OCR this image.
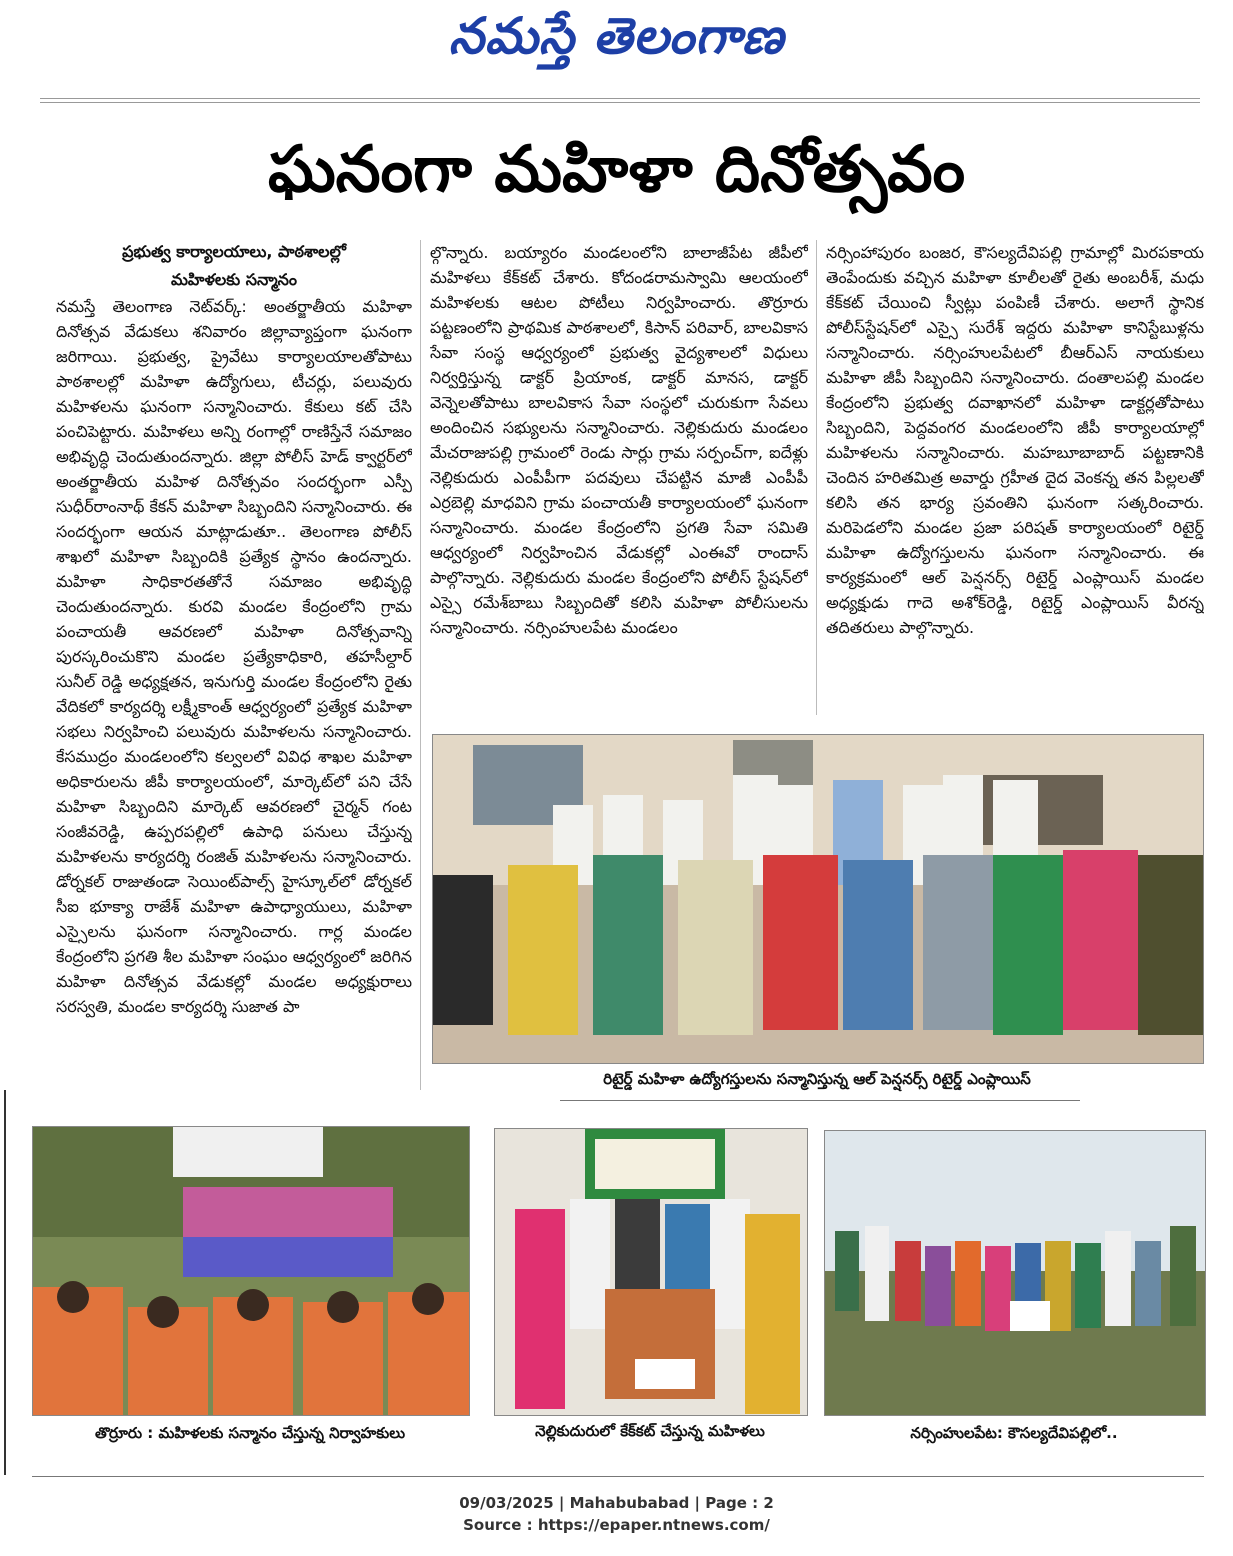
నమస్తే తెలంగాణ
ఘనంగా మహిళా దినోత్సవం
ప్రభుత్వ కార్యాలయాలు, పాఠశాలల్లో
మహిళలకు సన్మానం

నమస్తే తెలంగాణ నెట్‌వర్క్: అంతర్జాతీయ మహిళా దినోత్సవ వేడుకలు శనివారం జిల్లావ్యాప్తంగా ఘనంగా జరిగాయి. ప్రభుత్వ, ప్రైవేటు కార్యాలయాలతోపాటు పాఠశాలల్లో మహిళా ఉద్యోగులు, టీచర్లు, పలువురు మహిళలను ఘనంగా సన్మానించారు. కేకులు కట్ చేసి పంచిపెట్టారు. మహిళలు అన్ని రంగాల్లో రాణిస్తేనే సమాజం అభివృద్ధి చెందుతుందన్నారు. జిల్లా పోలీస్ హెడ్ క్వార్టర్‌లో అంతర్జాతీయ మహిళ దినోత్సవం సందర్భంగా ఎస్పీ సుధీర్‌రాంనాథ్ కేకన్ మహిళా సిబ్బందిని సన్మానించారు. ఈ సందర్భంగా ఆయన మాట్లాడుతూ.. తెలంగాణ పోలీస్ శాఖలో మహిళా సిబ్బందికి ప్రత్యేక స్థానం ఉందన్నారు. మహిళా సాధికారతతోనే సమాజం అభివృద్ధి చెందుతుందన్నారు. కురవి మండల కేంద్రంలోని గ్రామ పంచాయతీ ఆవరణలో మహిళా దినోత్సవాన్ని పురస్కరించుకొని మండల ప్రత్యేకాధికారి, తహసీల్దార్ సునీల్ రెడ్డి అధ్యక్షతన, ఇనుగుర్తి మండల కేంద్రంలోని రైతు వేదికలో కార్యదర్శి లక్ష్మీకాంత్ ఆధ్వర్యంలో ప్రత్యేక మహిళా సభలు నిర్వహించి పలువురు మహిళలను సన్మానించారు. కేసముద్రం మండలంలోని కల్వలలో వివిధ శాఖల మహిళా అధికారులను జీపీ కార్యాలయంలో, మార్కెట్‌లో పని చేసే మహిళా సిబ్బందిని మార్కెట్ ఆవరణలో చైర్మన్ గంట సంజీవరెడ్డి, ఉప్పరపల్లిలో ఉపాధి పనులు చేస్తున్న మహిళలను కార్యదర్శి రంజిత్ మహిళలను సన్మానించారు. డోర్నకల్ రాజుతండా సెయింట్‌పాల్స్ హైస్కూల్‌లో డోర్నకల్ సీఐ భూక్యా రాజేశ్ మహిళా ఉపాధ్యాయులు, మహిళా ఎస్సైలను ఘనంగా సన్మానించారు. గార్ల మండల కేంద్రంలోని ప్రగతి శీల మహిళా సంఘం ఆధ్వర్యంలో జరిగిన మహిళా దినోత్సవ వేడుకల్లో మండల అధ్యక్షురాలు సరస్వతి, మండల కార్యదర్శి సుజాత పా

ల్గొన్నారు. బయ్యారం మండలంలోని బాలాజీపేట జీపీలో మహిళలు కేక్‌కట్ చేశారు. కోదండరామస్వామి ఆలయంలో మహిళలకు ఆటల పోటీలు నిర్వహించారు. తొర్రూరు పట్టణంలోని ప్రాథమిక పాఠశాలలో, కిసాన్ పరివార్, బాలవికాస సేవా సంస్థ ఆధ్వర్యంలో ప్రభుత్వ వైద్యశాలలో విధులు నిర్వర్తిస్తున్న డాక్టర్ ప్రియాంక, డాక్టర్ మానస, డాక్టర్ వెన్నెలతోపాటు బాలవికాస సేవా సంస్థలో చురుకుగా సేవలు అందించిన సభ్యులను సన్మానించారు. నెల్లికుదురు మండలం మేచరాజుపల్లి గ్రామంలో రెండు సార్లు గ్రామ సర్పంచ్‌గా, ఐదేళ్లు నెల్లికుదురు ఎంపీపీగా పదవులు చేపట్టిన మాజీ ఎంపీపీ ఎర్రబెల్లి మాధవిని గ్రామ పంచాయతీ కార్యాలయంలో ఘనంగా సన్మానించారు. మండల కేంద్రంలోని ప్రగతి సేవా సమితి ఆధ్వర్యంలో నిర్వహించిన వేడుకల్లో ఎంఈవో రాందాస్ పాల్గొన్నారు. నెల్లికుదురు మండల కేంద్రంలోని పోలీస్ స్టేషన్‌లో ఎస్సై రమేశ్‌బాబు సిబ్బందితో కలిసి మహిళా పోలీసులను సన్మానించారు. నర్సింహులపేట మండలం

నర్సింహాపురం బంజర, కౌసల్యదేవిపల్లి గ్రామాల్లో మిరపకాయ తెంపేందుకు వచ్చిన మహిళా కూలీలతో రైతు అంబరీశ్, మధు కేక్‌కట్ చేయించి స్వీట్లు పంపిణీ చేశారు. అలాగే స్థానిక పోలీస్‌స్టేషన్‌లో ఎస్సై సురేశ్ ఇద్దరు మహిళా కానిస్టేబుళ్లను సన్మానించారు. నర్సింహులపేటలో బీఆర్‌ఎస్ నాయకులు మహిళా జీపీ సిబ్బందిని సన్మానించారు. దంతాలపల్లి మండల కేంద్రంలోని ప్రభుత్వ దవాఖానలో మహిళా డాక్టర్లతోపాటు సిబ్బందిని, పెద్దవంగర మండలంలోని జీపీ కార్యాలయాల్లో మహిళలను సన్మానించారు. మహబూబాబాద్ పట్టణానికి చెందిన హరితమిత్ర అవార్డు గ్రహీత దైద వెంకన్న తన పిల్లలతో కలిసి తన భార్య స్రవంతిని ఘనంగా సత్కరించారు. మరిపెడలోని మండల ప్రజా పరిషత్ కార్యాలయంలో రిటైర్డ్ మహిళా ఉద్యోగస్తులను ఘనంగా సన్మానించారు. ఈ కార్యక్రమంలో ఆల్ పెన్షనర్స్ రిటైర్డ్ ఎంప్లాయిస్ మండల అధ్యక్షుడు గాదె అశోక్‌రెడ్డి, రిటైర్డ్ ఎంప్లాయిస్ వీరన్న తదితరులు పాల్గొన్నారు.

రిటైర్డ్ మహిళా ఉద్యోగస్తులను సన్మానిస్తున్న ఆల్ పెన్షనర్స్ రిటైర్డ్ ఎంప్లాయిస్
తొర్రూరు : మహిళలకు సన్మానం చేస్తున్న నిర్వాహకులు	నెల్లికుదురులో కేక్‌కట్ చేస్తున్న మహిళలు	నర్సింహులపేట: కౌసల్యదేవిపల్లిలో..
09/03/2025 | Mahabubabad | Page : 2
Source : https://epaper.ntnews.com/
